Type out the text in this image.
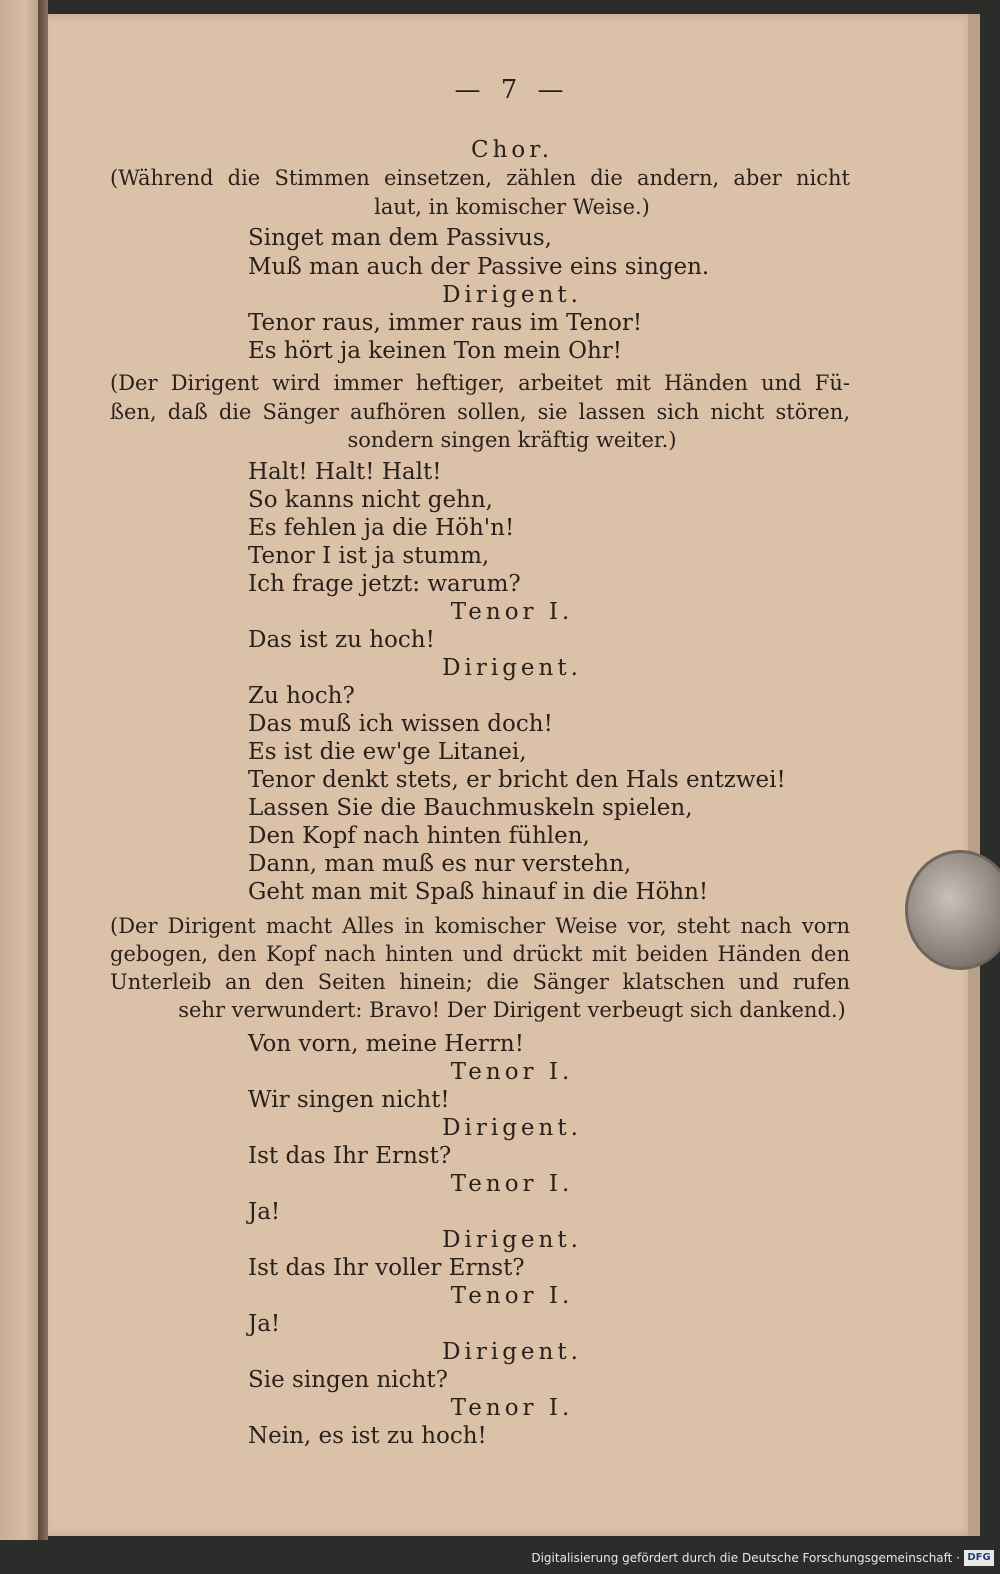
— 7 —
Chor.
(Während die Stimmen einsetzen, zählen die andern, aber nicht
laut, in komischer Weise.)
Singet man dem Passivus,
Muß man auch der Passive eins singen.
Dirigent.
Tenor raus, immer raus im Tenor!
Es hört ja keinen Ton mein Ohr!
(Der Dirigent wird immer heftiger, arbeitet mit Händen und Fü-
ßen, daß die Sänger aufhören sollen, sie lassen sich nicht stören,
sondern singen kräftig weiter.)
Halt! Halt! Halt!
So kanns nicht gehn,
Es fehlen ja die Höh'n!
Tenor I ist ja stumm,
Ich frage jetzt: warum?
Tenor I.
Das ist zu hoch!
Dirigent.
Zu hoch?
Das muß ich wissen doch!
Es ist die ew'ge Litanei,
Tenor denkt stets, er bricht den Hals entzwei!
Lassen Sie die Bauchmuskeln spielen,
Den Kopf nach hinten fühlen,
Dann, man muß es nur verstehn,
Geht man mit Spaß hinauf in die Höhn!
(Der Dirigent macht Alles in komischer Weise vor, steht nach vorn
gebogen, den Kopf nach hinten und drückt mit beiden Händen den
Unterleib an den Seiten hinein; die Sänger klatschen und rufen
sehr verwundert: Bravo! Der Dirigent verbeugt sich dankend.)
Von vorn, meine Herrn!
Tenor I.
Wir singen nicht!
Dirigent.
Ist das Ihr Ernst?
Tenor I.
Ja!
Dirigent.
Ist das Ihr voller Ernst?
Tenor I.
Ja!
Dirigent.
Sie singen nicht?
Tenor I.
Nein, es ist zu hoch!
Digitalisierung gefördert durch die Deutsche Forschungsgemeinschaft · DFG
